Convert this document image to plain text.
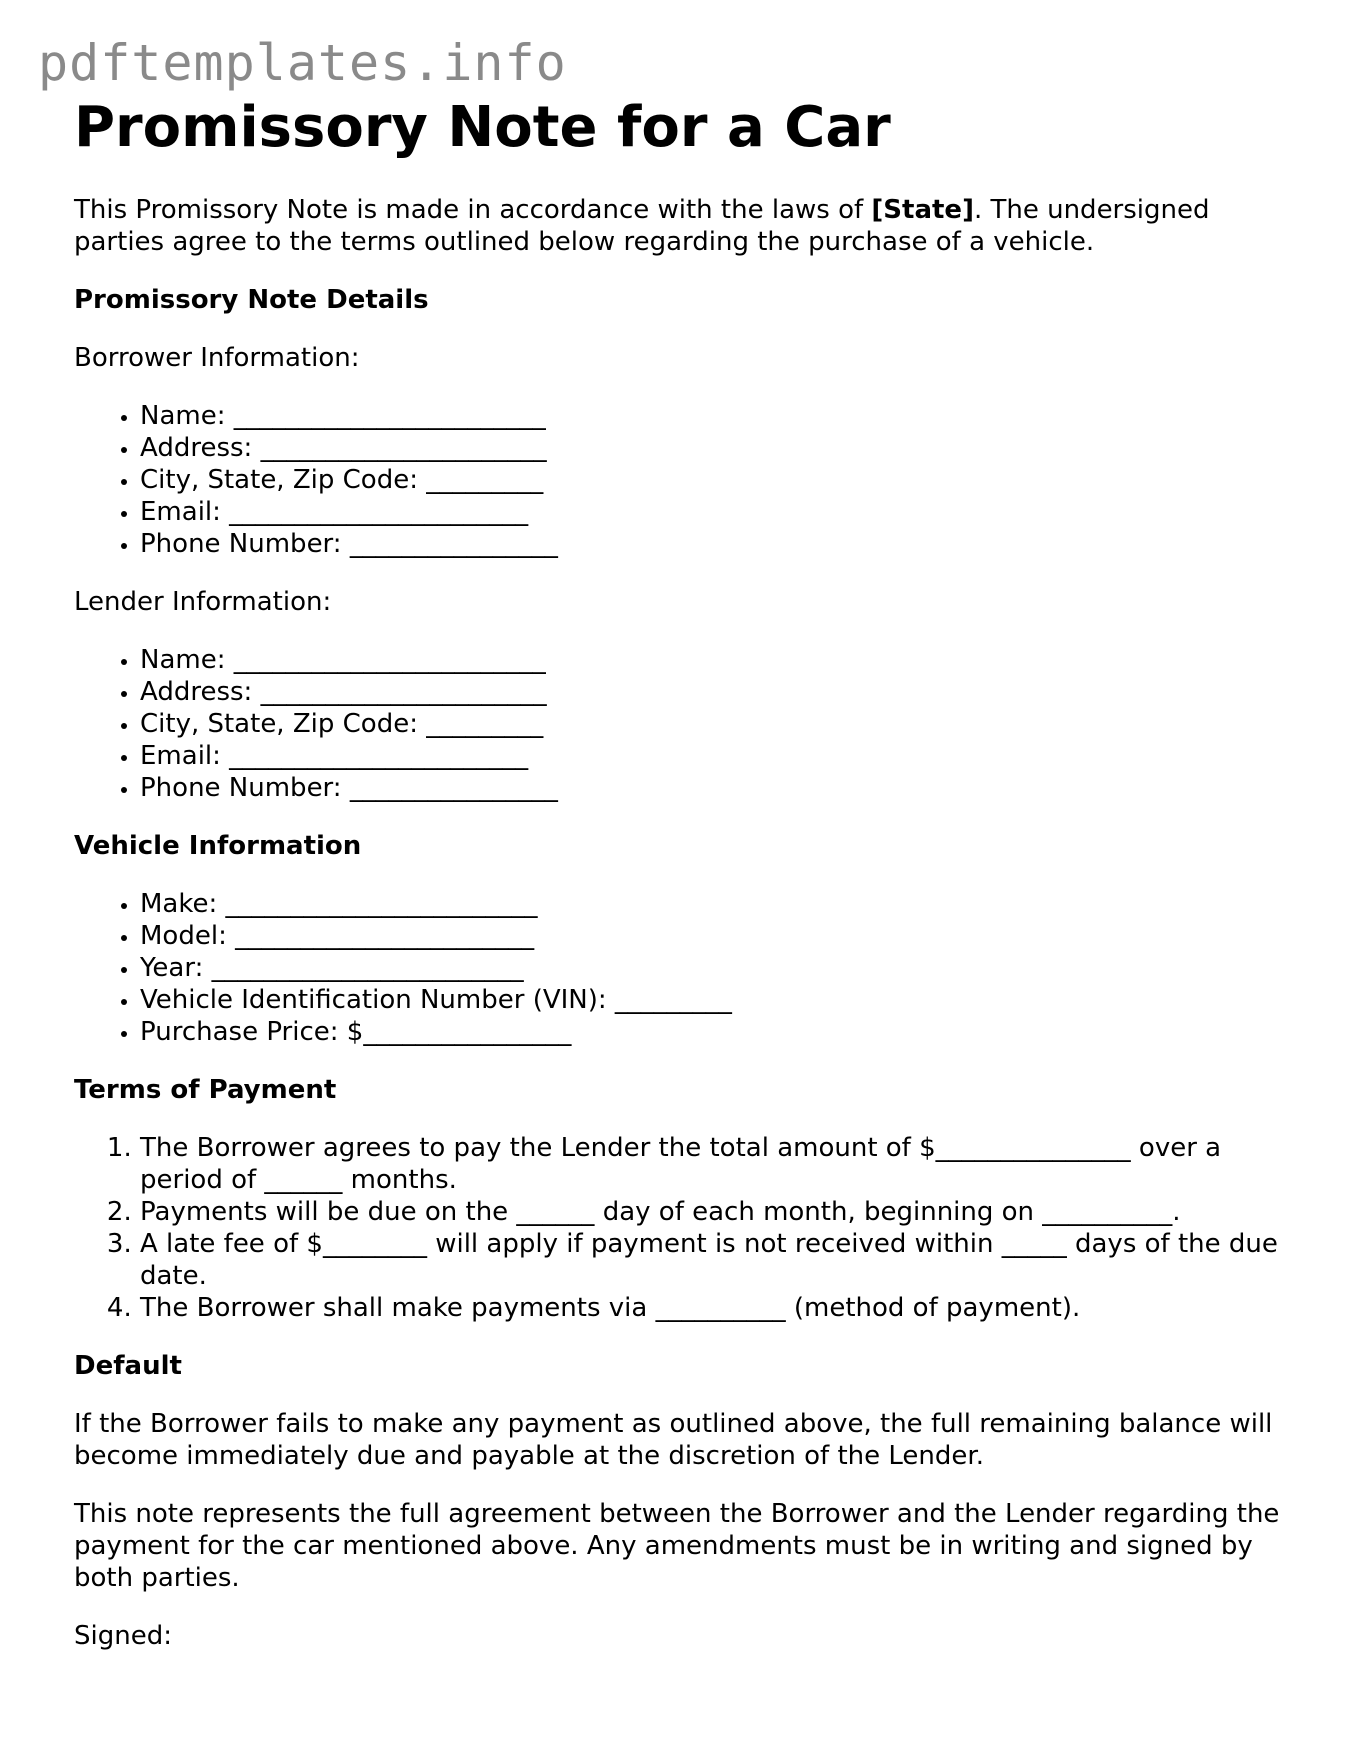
pdftemplates.info
Promissory Note for a Car

This Promissory Note is made in accordance with the laws of [State]. The undersigned parties agree to the terms outlined below regarding the purchase of a vehicle.

Promissory Note Details

Borrower Information:

• Name: ________________________
• Address: ______________________
• City, State, Zip Code: _________
• Email: _______________________
• Phone Number: ________________

Lender Information:

• Name: ________________________
• Address: ______________________
• City, State, Zip Code: _________
• Email: _______________________
• Phone Number: ________________
Vehicle Information
• Make: ________________________
• Model: _______________________
• Year: ________________________
• Vehicle Identification Number (VIN): _________
• Purchase Price: $________________
Terms of Payment
1. The Borrower agrees to pay the Lender the total amount of $_______________ over a period of ______ months.
2. Payments will be due on the ______ day of each month, beginning on __________.
3. A late fee of $________ will apply if payment is not received within _____ days of the due date.
4. The Borrower shall make payments via __________ (method of payment).
Default

If the Borrower fails to make any payment as outlined above, the full remaining balance will become immediately due and payable at the discretion of the Lender.

This note represents the full agreement between the Borrower and the Lender regarding the payment for the car mentioned above. Any amendments must be in writing and signed by both parties.

Signed:
